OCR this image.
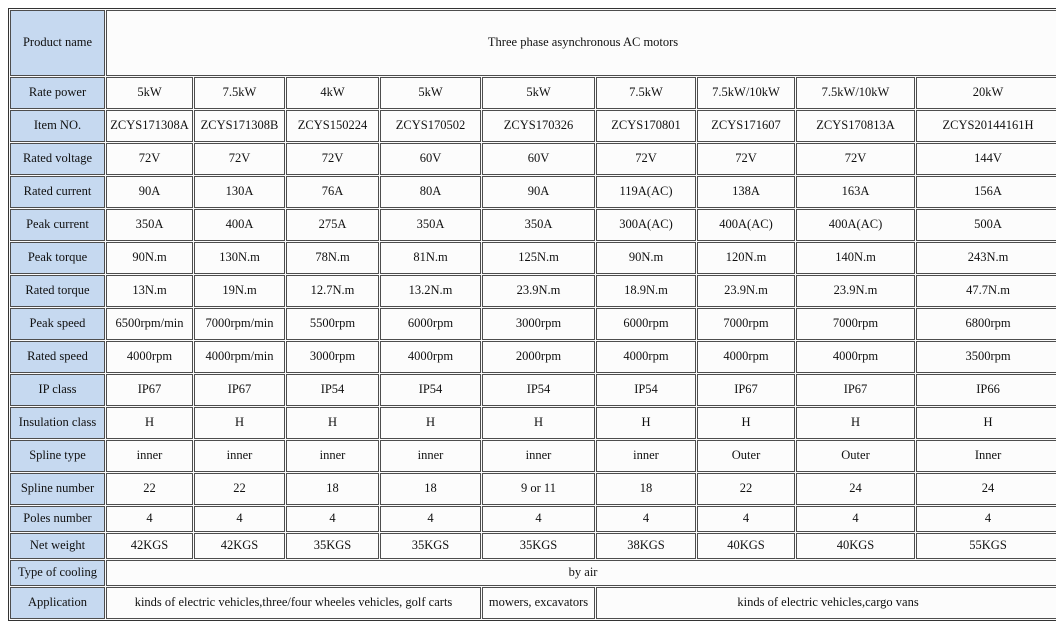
Product name	Three phase asynchronous AC motors								
Rate power	5kW	7.5kW	4kW	5kW	5kW	7.5kW	7.5kW/10kW	7.5kW/10kW	20kW
Item NO.	ZCYS171308A	ZCYS171308B	ZCYS150224	ZCYS170502	ZCYS170326	ZCYS170801	ZCYS171607	ZCYS170813A	ZCYS20144161H
Rated voltage	72V	72V	72V	60V	60V	72V	72V	72V	144V
Rated current	90A	130A	76A	80A	90A	119A(AC)	138A	163A	156A
Peak current	350A	400A	275A	350A	350A	300A(AC)	400A(AC)	400A(AC)	500A
Peak torque	90N.m	130N.m	78N.m	81N.m	125N.m	90N.m	120N.m	140N.m	243N.m
Rated torque	13N.m	19N.m	12.7N.m	13.2N.m	23.9N.m	18.9N.m	23.9N.m	23.9N.m	47.7N.m
Peak speed	6500rpm/min	7000rpm/min	5500rpm	6000rpm	3000rpm	6000rpm	7000rpm	7000rpm	6800rpm
Rated speed	4000rpm	4000rpm/min	3000rpm	4000rpm	2000rpm	4000rpm	4000rpm	4000rpm	3500rpm
IP class	IP67	IP67	IP54	IP54	IP54	IP54	IP67	IP67	IP66
Insulation class	H	H	H	H	H	H	H	H	H
Spline type	inner	inner	inner	inner	inner	inner	Outer	Outer	Inner
Spline number	22	22	18	18	9 or 11	18	22	24	24
Poles number	4	4	4	4	4	4	4	4	4
Net weight	42KGS	42KGS	35KGS	35KGS	35KGS	38KGS	40KGS	40KGS	55KGS
Type of cooling	by air								
Application	kinds of electric vehicles,three/four wheeles vehicles, golf carts				mowers, excavators	kinds of electric vehicles,cargo vans			
